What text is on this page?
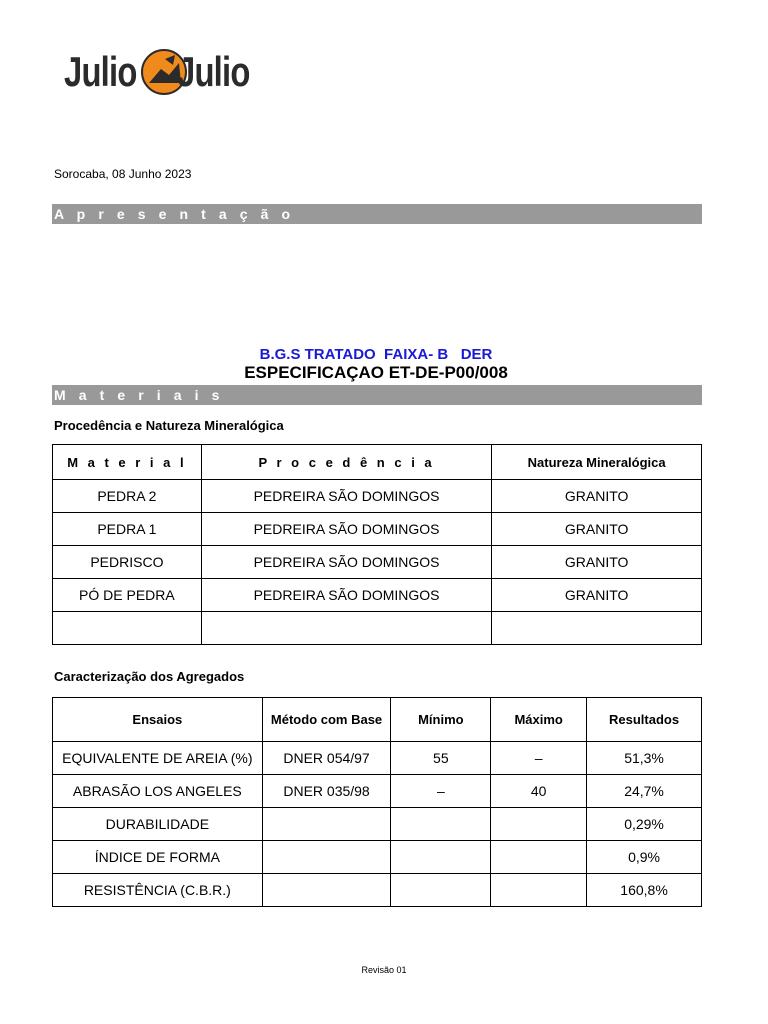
Julio Julio
Sorocaba, 08 Junho 2023
A p r e s e n t a ç ã o
B.G.S TRATADO  FAIXA- B   DER
ESPECIFICAÇAO ET-DE-P00/008
M a t e r i a i s
Procedência e Natureza Mineralógica
M a t e r i a l	P r o c e d ê n c i a	Natureza Mineralógica
PEDRA 2	PEDREIRA SÃO DOMINGOS	GRANITO
PEDRA 1	PEDREIRA SÃO DOMINGOS	GRANITO
PEDRISCO	PEDREIRA SÃO DOMINGOS	GRANITO
PÓ DE PEDRA	PEDREIRA SÃO DOMINGOS	GRANITO

Caracterização dos Agregados
Ensaios	Método com Base	Mínimo	Máximo	Resultados
EQUIVALENTE DE AREIA (%)	DNER 054/97	55	–	51,3%
ABRASÃO LOS ANGELES	DNER 035/98	–	40	24,7%
DURABILIDADE				0,29%
ÍNDICE DE FORMA				0,9%
RESISTÊNCIA (C.B.R.)				160,8%
Revisão 01
